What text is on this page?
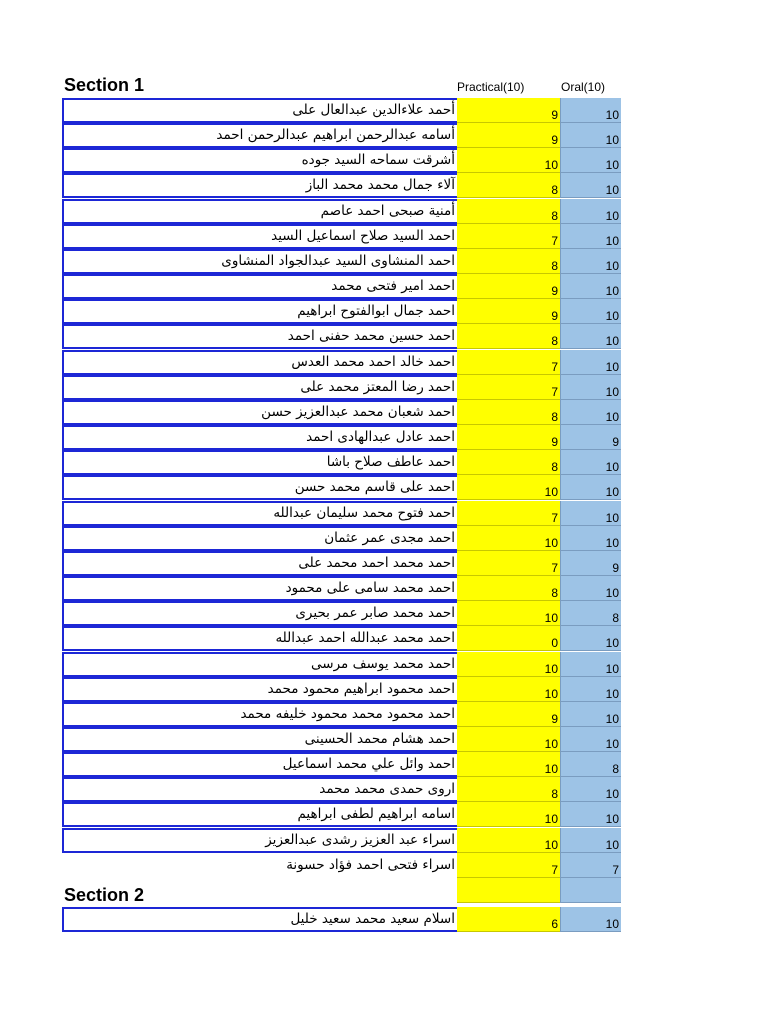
Section 1	Practical(10)	Oral(10)
أحمد علاءالدين عبدالعال على	9	10
أسامه عبدالرحمن ابراهيم عبدالرحمن احمد	9	10
أشرقت سماحه السيد جوده	10	10
آلاء جمال محمد محمد الباز	8	10
أمنية صبحى احمد عاصم	8	10
احمد السيد صلاح اسماعيل السيد	7	10
احمد المنشاوى السيد عبدالجواد المنشاوى	8	10
احمد امير فتحى محمد	9	10
احمد جمال ابوالفتوح ابراهيم	9	10
احمد حسين محمد حفنى احمد	8	10
احمد خالد احمد محمد العدس	7	10
احمد رضا المعتز محمد على	7	10
احمد شعبان محمد عبدالعزيز حسن	8	10
احمد عادل عبدالهادى احمد	9	9
احمد عاطف صلاح باشا	8	10
احمد على قاسم محمد حسن	10	10
احمد فتوح محمد سليمان عبدالله	7	10
احمد مجدى عمر عثمان	10	10
احمد محمد احمد محمد على	7	9
احمد محمد سامى على محمود	8	10
احمد محمد صابر عمر بحيرى	10	8
احمد محمد عبدالله احمد عبدالله	0	10
احمد محمد يوسف مرسى	10	10
احمد محمود ابراهيم محمود محمد	10	10
احمد محمود محمد محمود خليفه محمد	9	10
احمد هشام محمد الحسينى	10	10
احمد وائل علي محمد اسماعيل	10	8
اروى حمدى محمد محمد	8	10
اسامه ابراهيم لطفى ابراهيم	10	10
اسراء عبد العزيز رشدى عبدالعزيز	10	10
اسراء فتحى احمد فؤاد حسونة	7	7
Section 2
اسلام سعيد محمد سعيد خليل	6	10
